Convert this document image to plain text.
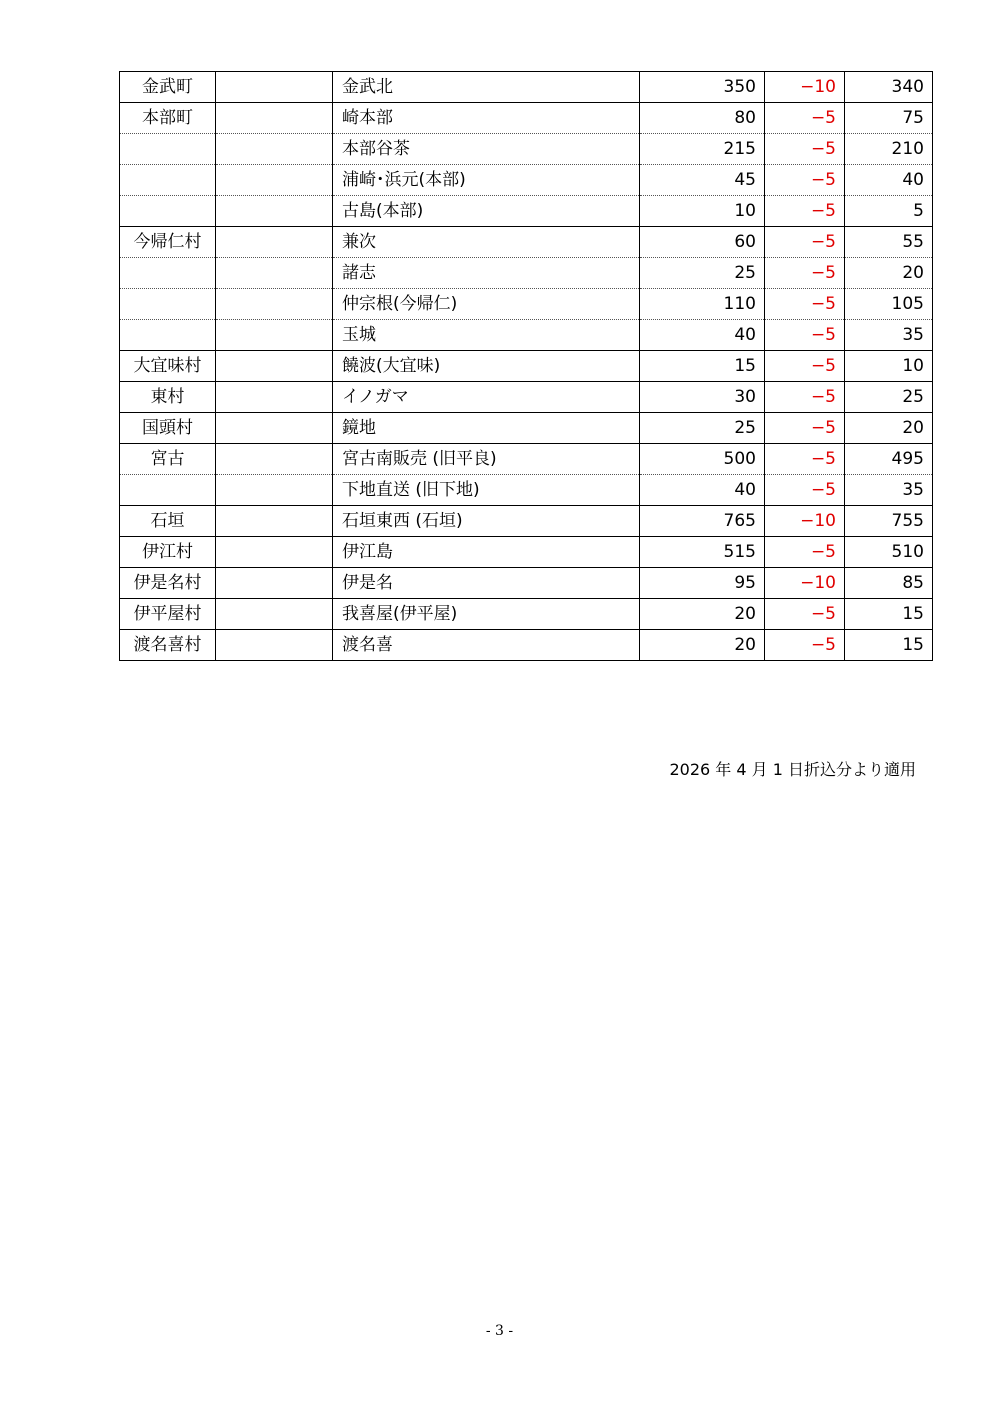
金武町		金武北	350	−10	340
本部町		崎本部	80	−5	75
		本部谷茶	215	−5	210
		浦崎･浜元(本部)	45	−5	40
		古島(本部)	10	−5	5
今帰仁村		兼次	60	−5	55
		諸志	25	−5	20
		仲宗根(今帰仁)	110	−5	105
		玉城	40	−5	35
大宜味村		饒波(大宜味)	15	−5	10
東村		イノガマ	30	−5	25
国頭村		鏡地	25	−5	20
宮古		宮古南販売 (旧平良)	500	−5	495
		下地直送 (旧下地)	40	−5	35
石垣		石垣東西 (石垣)	765	−10	755
伊江村		伊江島	515	−5	510
伊是名村		伊是名	95	−10	85
伊平屋村		我喜屋(伊平屋)	20	−5	15
渡名喜村		渡名喜	20	−5	15
2026 年 4 月 1 日折込分より適用
- 3 -
